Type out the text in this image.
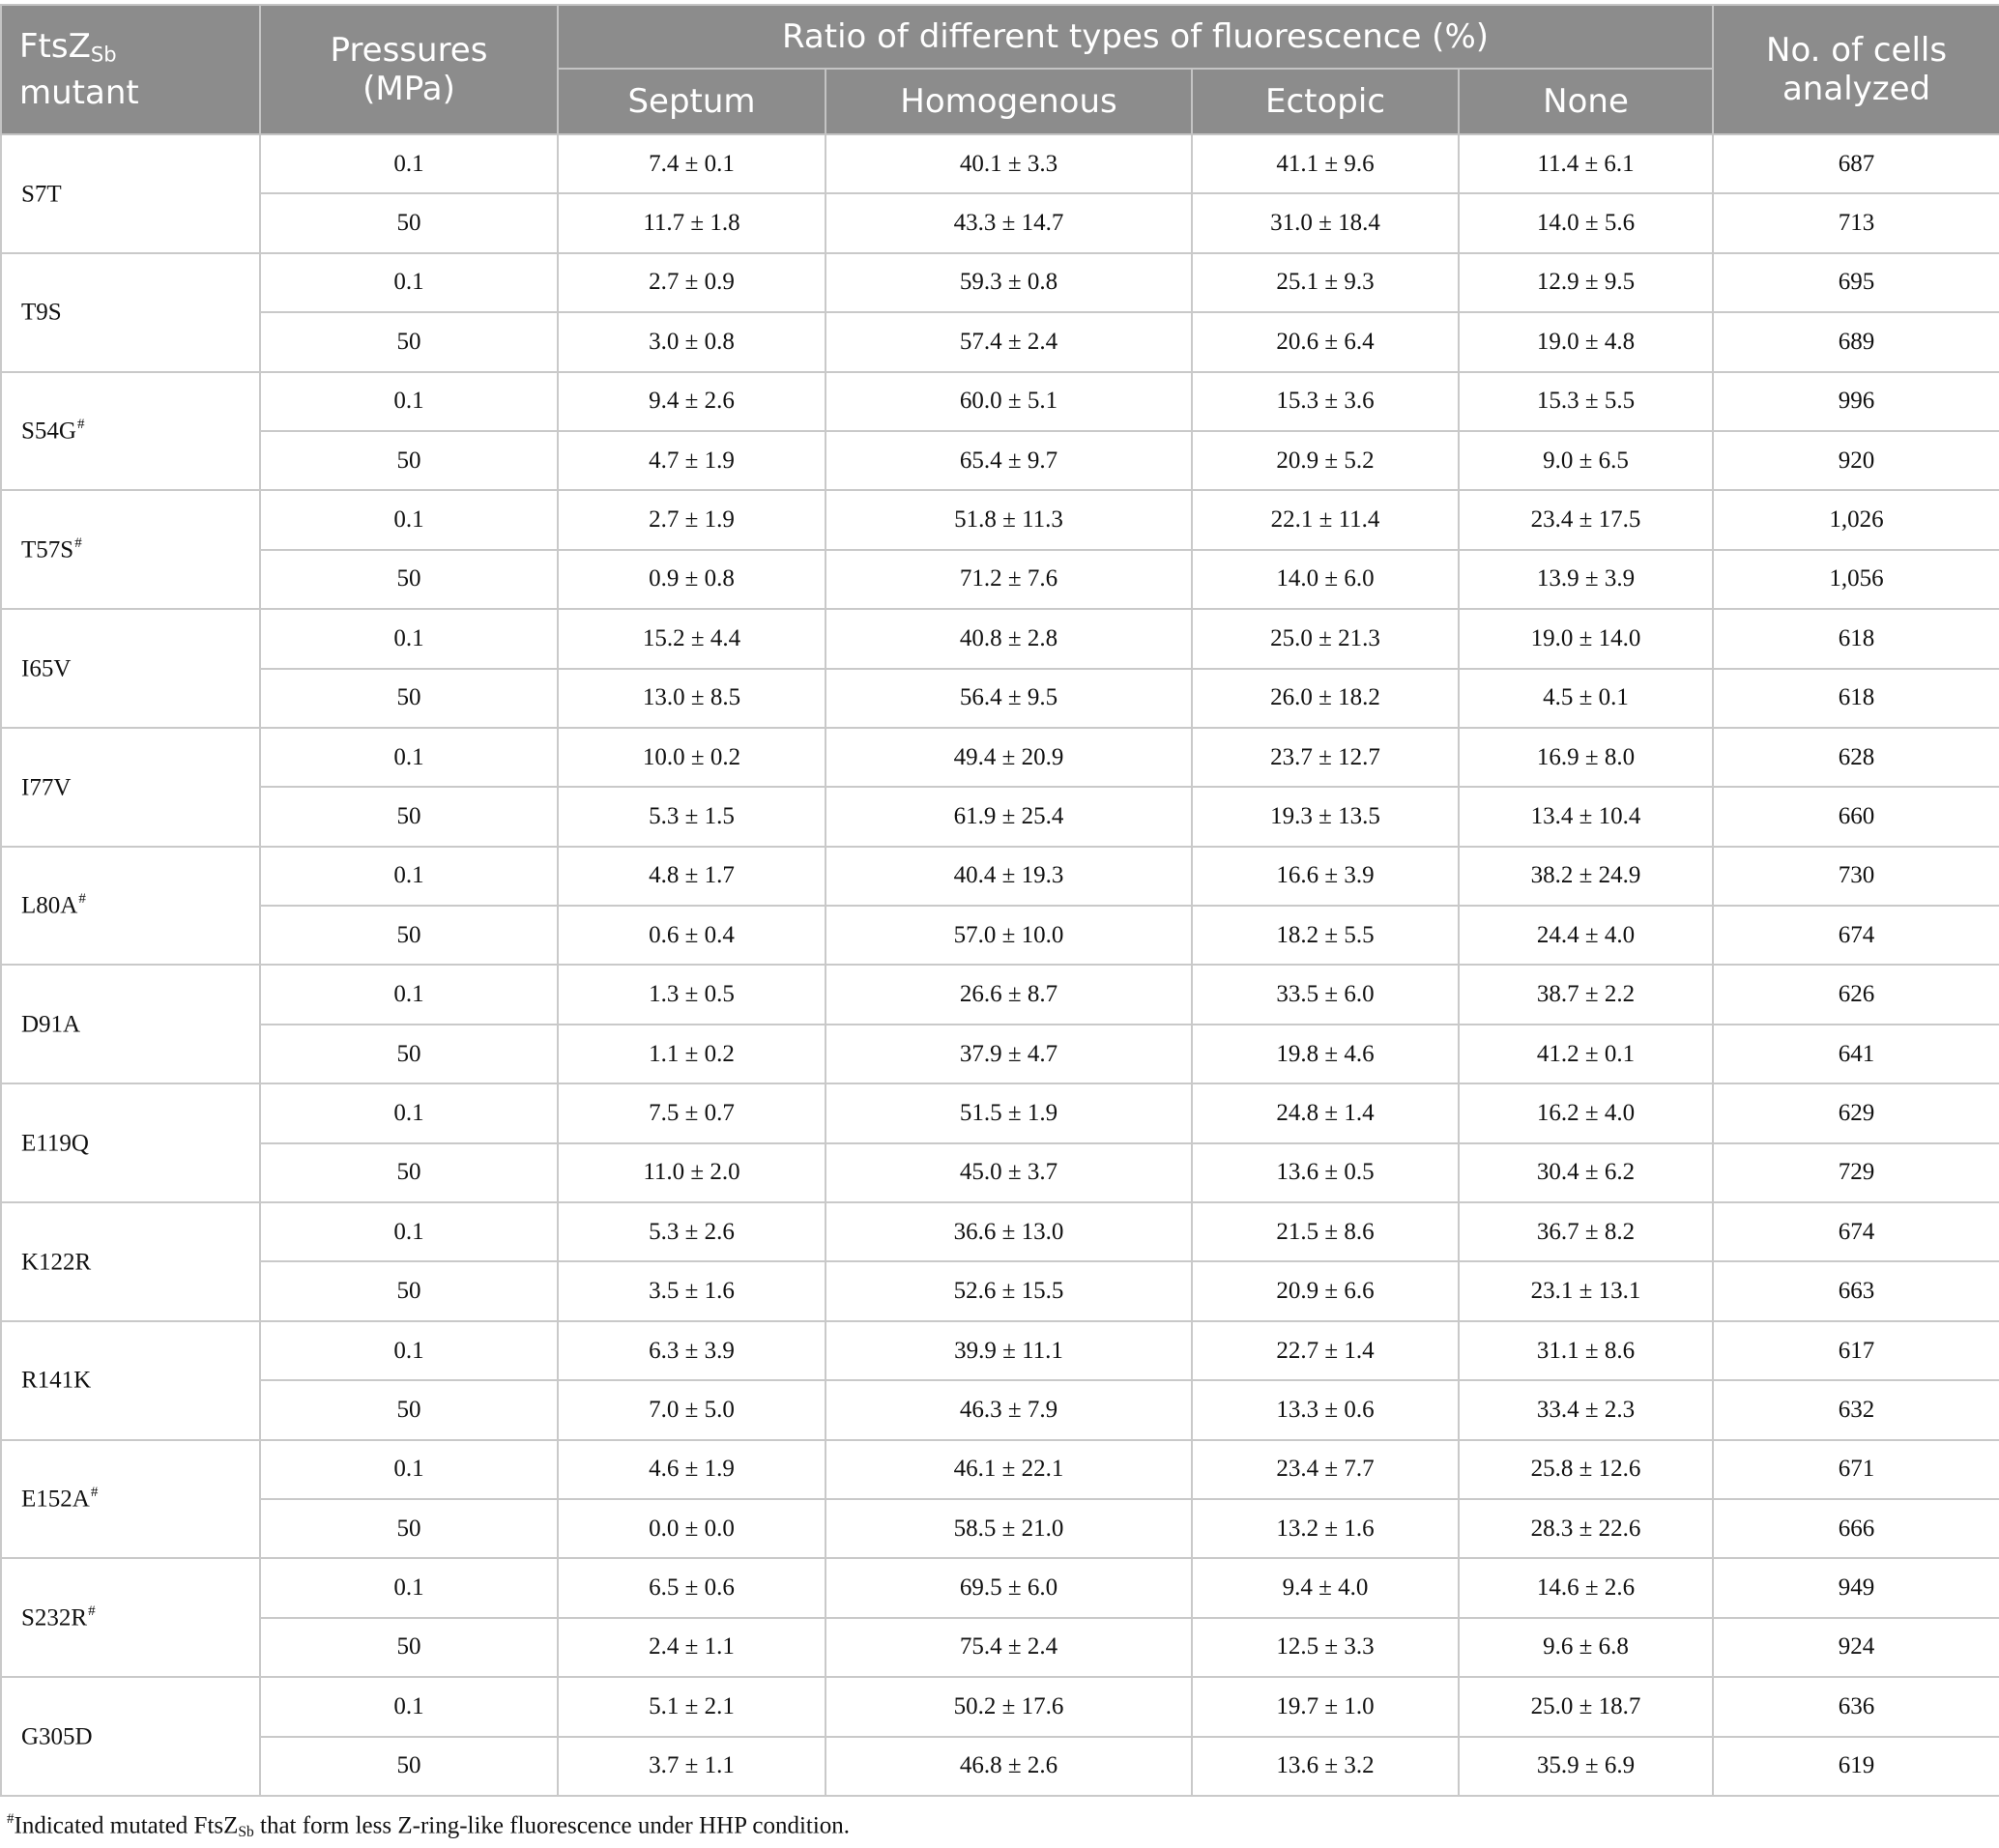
FtsZ$_{Sb}$
mutant	Pressures
(MPa)	Ratio of different types of fluorescence (%)				No. of cells
analyzed
		Septum	Homogenous	Ectopic	None	
S7T	0.1	7.4 ± 0.1	40.1 ± 3.3	41.1 ± 9.6	11.4 ± 6.1	687
	50	11.7 ± 1.8	43.3 ± 14.7	31.0 ± 18.4	14.0 ± 5.6	713
T9S	0.1	2.7 ± 0.9	59.3 ± 0.8	25.1 ± 9.3	12.9 ± 9.5	695
	50	3.0 ± 0.8	57.4 ± 2.4	20.6 ± 6.4	19.0 ± 4.8	689
S54G#	0.1	9.4 ± 2.6	60.0 ± 5.1	15.3 ± 3.6	15.3 ± 5.5	996
	50	4.7 ± 1.9	65.4 ± 9.7	20.9 ± 5.2	9.0 ± 6.5	920
T57S#	0.1	2.7 ± 1.9	51.8 ± 11.3	22.1 ± 11.4	23.4 ± 17.5	1,026
	50	0.9 ± 0.8	71.2 ± 7.6	14.0 ± 6.0	13.9 ± 3.9	1,056
I65V	0.1	15.2 ± 4.4	40.8 ± 2.8	25.0 ± 21.3	19.0 ± 14.0	618
	50	13.0 ± 8.5	56.4 ± 9.5	26.0 ± 18.2	4.5 ± 0.1	618
I77V	0.1	10.0 ± 0.2	49.4 ± 20.9	23.7 ± 12.7	16.9 ± 8.0	628
	50	5.3 ± 1.5	61.9 ± 25.4	19.3 ± 13.5	13.4 ± 10.4	660
L80A#	0.1	4.8 ± 1.7	40.4 ± 19.3	16.6 ± 3.9	38.2 ± 24.9	730
	50	0.6 ± 0.4	57.0 ± 10.0	18.2 ± 5.5	24.4 ± 4.0	674
D91A	0.1	1.3 ± 0.5	26.6 ± 8.7	33.5 ± 6.0	38.7 ± 2.2	626
	50	1.1 ± 0.2	37.9 ± 4.7	19.8 ± 4.6	41.2 ± 0.1	641
E119Q	0.1	7.5 ± 0.7	51.5 ± 1.9	24.8 ± 1.4	16.2 ± 4.0	629
	50	11.0 ± 2.0	45.0 ± 3.7	13.6 ± 0.5	30.4 ± 6.2	729
K122R	0.1	5.3 ± 2.6	36.6 ± 13.0	21.5 ± 8.6	36.7 ± 8.2	674
	50	3.5 ± 1.6	52.6 ± 15.5	20.9 ± 6.6	23.1 ± 13.1	663
R141K	0.1	6.3 ± 3.9	39.9 ± 11.1	22.7 ± 1.4	31.1 ± 8.6	617
	50	7.0 ± 5.0	46.3 ± 7.9	13.3 ± 0.6	33.4 ± 2.3	632
E152A#	0.1	4.6 ± 1.9	46.1 ± 22.1	23.4 ± 7.7	25.8 ± 12.6	671
	50	0.0 ± 0.0	58.5 ± 21.0	13.2 ± 1.6	28.3 ± 22.6	666
S232R#	0.1	6.5 ± 0.6	69.5 ± 6.0	9.4 ± 4.0	14.6 ± 2.6	949
	50	2.4 ± 1.1	75.4 ± 2.4	12.5 ± 3.3	9.6 ± 6.8	924
G305D	0.1	5.1 ± 2.1	50.2 ± 17.6	19.7 ± 1.0	25.0 ± 18.7	636
	50	3.7 ± 1.1	46.8 ± 2.6	13.6 ± 3.2	35.9 ± 6.9	619
#Indicated mutated FtsZ$_{Sb}$ that form less Z-ring-like fluorescence under HHP condition.
